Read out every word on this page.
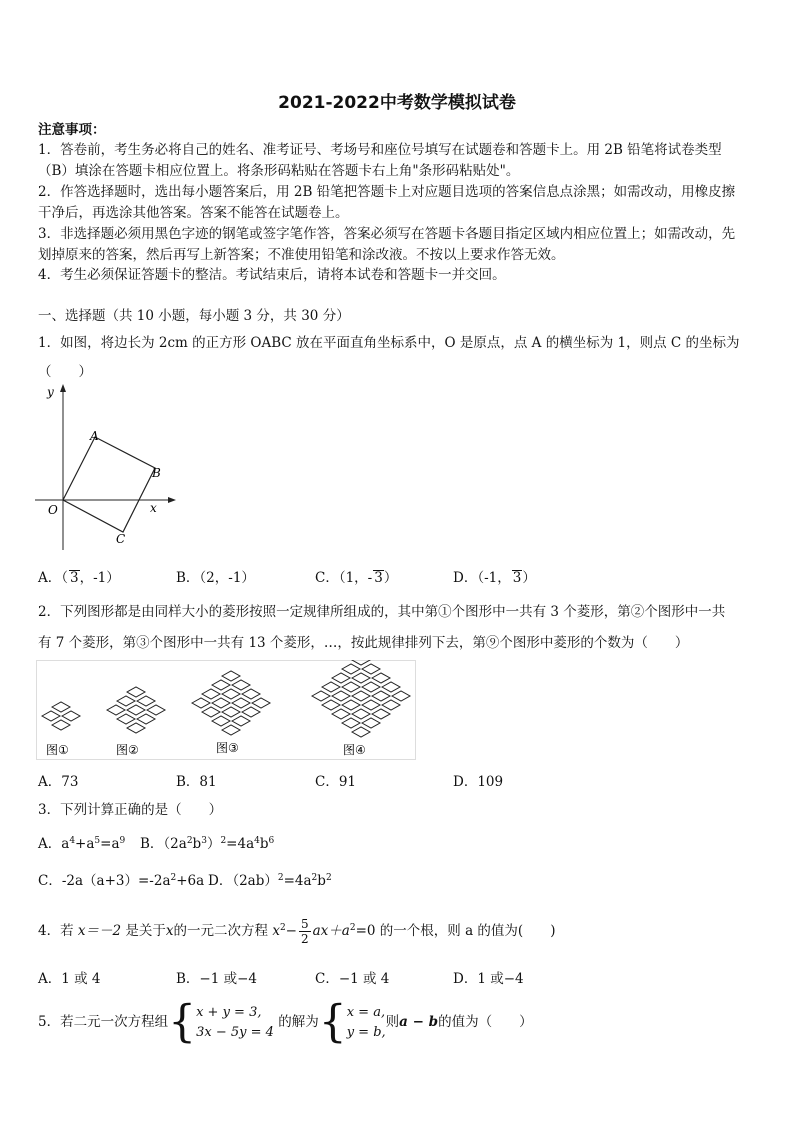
2021-2022中考数学模拟试卷
注意事项：
1．答卷前，考生务必将自己的姓名、准考证号、考场号和座位号填写在试题卷和答题卡上。用 2B 铅笔将试卷类型
（B）填涂在答题卡相应位置上。将条形码粘贴在答题卡右上角"条形码粘贴处"。
2．作答选择题时，选出每小题答案后，用 2B 铅笔把答题卡上对应题目选项的答案信息点涂黑；如需改动，用橡皮擦
干净后，再选涂其他答案。答案不能答在试题卷上。
3．非选择题必须用黑色字迹的钢笔或签字笔作答，答案必须写在答题卡各题目指定区域内相应位置上；如需改动，先
划掉原来的答案，然后再写上新答案；不准使用铅笔和涂改液。不按以上要求作答无效。
4．考生必须保证答题卡的整洁。考试结束后，请将本试卷和答题卡一并交回。
一、选择题（共 10 小题，每小题 3 分，共 30 分）
1．如图，将边长为 2cm 的正方形 OABC 放在平面直角坐标系中，O 是原点，点 A 的横坐标为 1，则点 C 的坐标为
（　　）
y
x
O
A
B
C
A．（ 3，-1）	B．（2，-1）	C．（1，- 3）	D．（-1， 3）
2．下列图形都是由同样大小的菱形按照一定规律所组成的，其中第①个图形中一共有 3 个菱形，第②个图形中一共
有 7 个菱形，第③个图形中一共有 13 个菱形，…，按此规律排列下去，第⑨个图形中菱形的个数为（　　）
图①	图②	图③	图④
A．73	B．81	C．91	D．109
3．下列计算正确的是（　　）
A．$a^4+a^5=a^9$ B．$(2a^2b^3)^2=4a^4b^6$
C．$-2a(a+3)=-2a^2+6a$ D．$(2ab)^2=4a^2b^2$
4．若 x＝－2 是关于x的一元二次方程 $x^2- \frac{5}{2} ax+a^2=0$ 的一个根，则 a 的值为(　　)
A．1 或 4	B．−1 或−4	C．−1 或 4	D．1 或−4
5．若二元一次方程组{ x + y = 3,
3x − 5y = 4
的解为{ x = a,
y = b,
则a − b的值为（　　）
